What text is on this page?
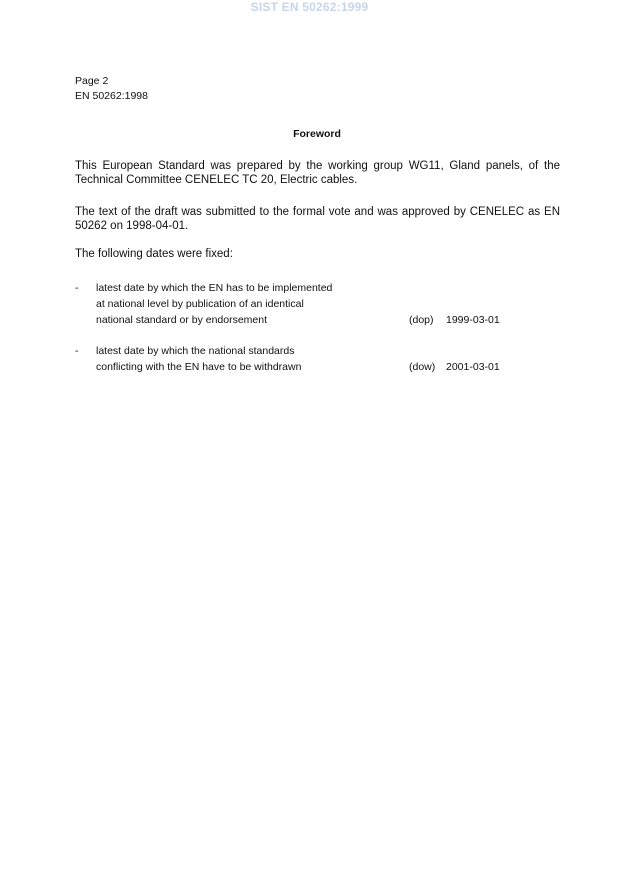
SIST EN 50262:1999
Page 2
EN 50262:1998
Foreword
This European Standard was prepared by the working group WG11, Gland panels, of the Technical Committee CENELEC TC 20, Electric cables.
The text of the draft was submitted to the formal vote and was approved by CENELEC as EN 50262 on 1998-04-01.
The following dates were fixed:
- latest date by which the EN has to be implemented
at national level by publication of an identical
national standard or by endorsement	(dop)	1999-03-01
- latest date by which the national standards
conflicting with the EN have to be withdrawn	(dow)	2001-03-01
